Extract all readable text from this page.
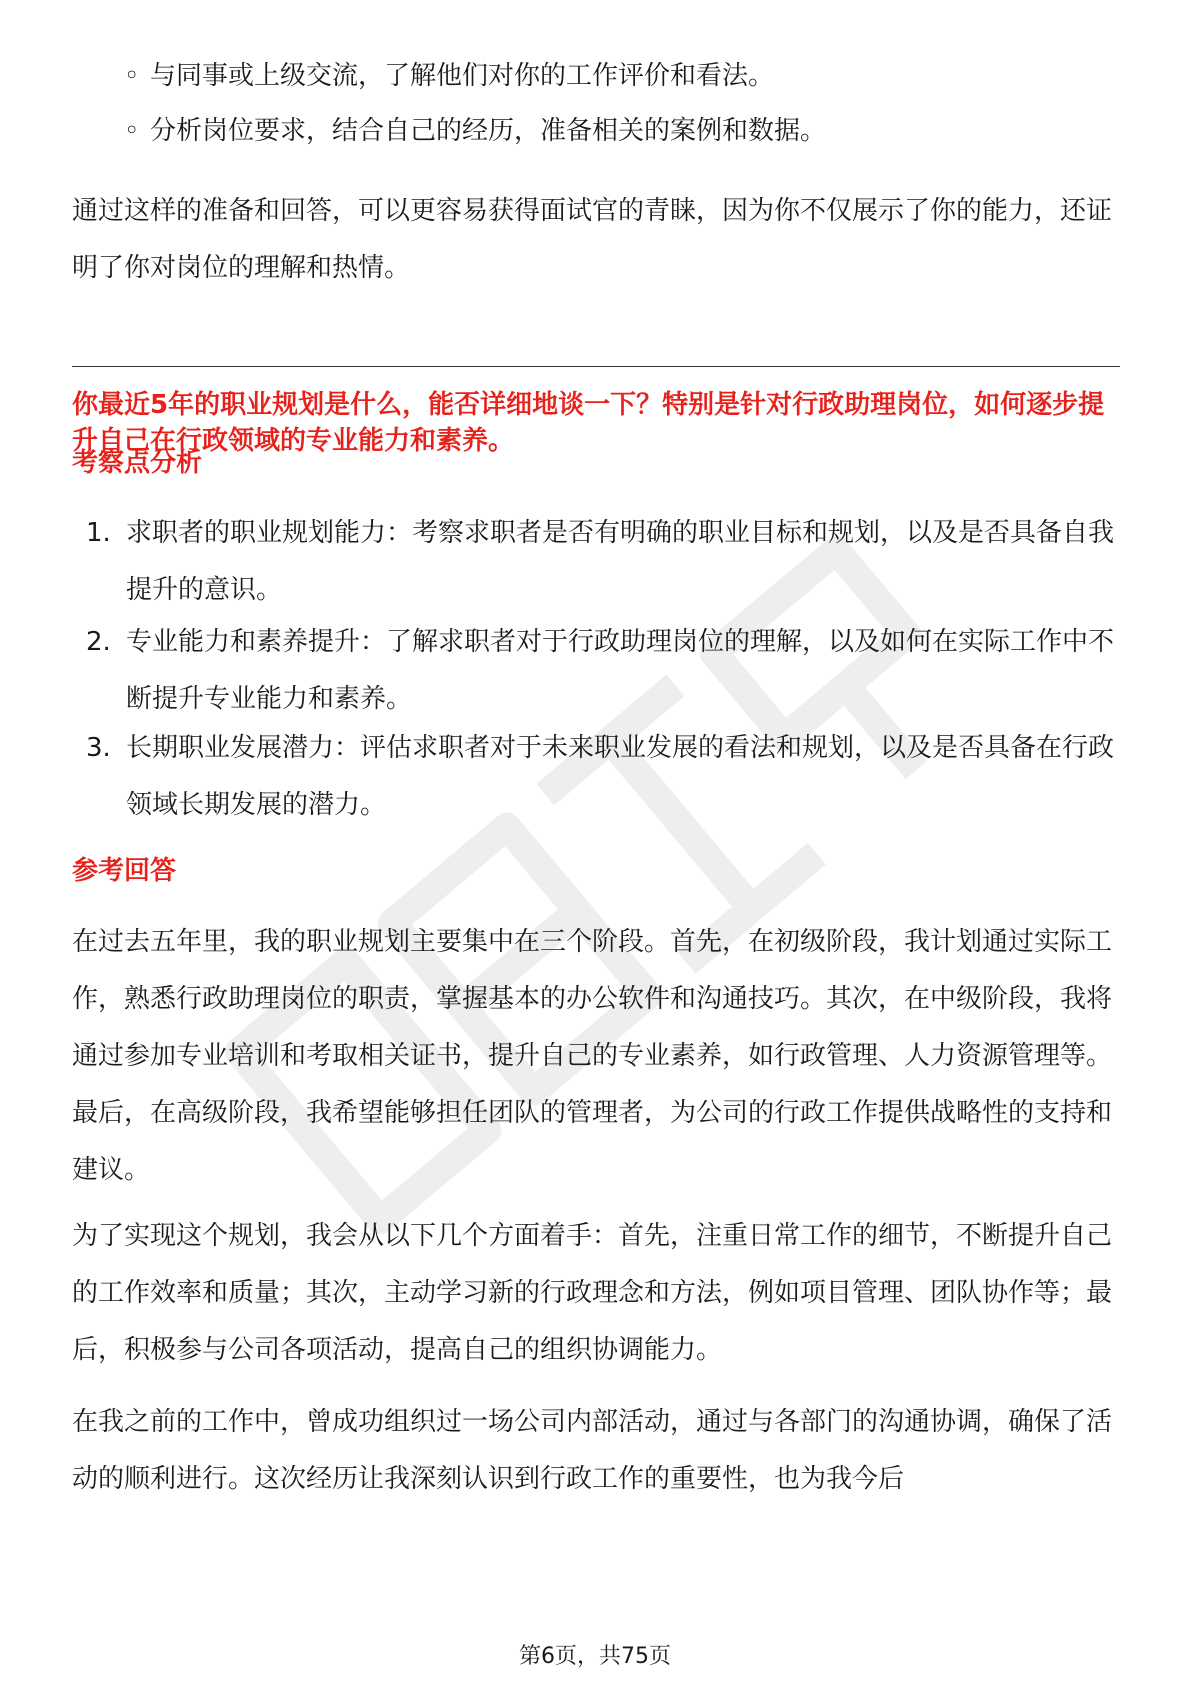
◦ 与同事或上级交流，了解他们对你的工作评价和看法。

◦ 分析岗位要求，结合自己的经历，准备相关的案例和数据。

通过这样的准备和回答，可以更容易获得面试官的青睐，因为你不仅展示了你的能力，还证明了你对岗位的理解和热情。

你最近5年的职业规划是什么，能否详细地谈一下？特别是针对行政助理岗位，如何逐步提升自己在行政领域的专业能力和素养。

考察点分析

1. 求职者的职业规划能力：考察求职者是否有明确的职业目标和规划，以及是否具备自我提升的意识。
2. 专业能力和素养提升：了解求职者对于行政助理岗位的理解，以及如何在实际工作中不断提升专业能力和素养。
3. 长期职业发展潜力：评估求职者对于未来职业发展的看法和规划，以及是否具备在行政领域长期发展的潜力。

参考回答

在过去五年里，我的职业规划主要集中在三个阶段。首先，在初级阶段，我计划通过实际工作，熟悉行政助理岗位的职责，掌握基本的办公软件和沟通技巧。其次，在中级阶段，我将通过参加专业培训和考取相关证书，提升自己的专业素养，如行政管理、人力资源管理等。最后，在高级阶段，我希望能够担任团队的管理者，为公司的行政工作提供战略性的支持和建议。

为了实现这个规划，我会从以下几个方面着手：首先，注重日常工作的细节，不断提升自己的工作效率和质量；其次，主动学习新的行政理念和方法，例如项目管理、团队协作等；最后，积极参与公司各项活动，提高自己的组织协调能力。

在我之前的工作中，曾成功组织过一场公司内部活动，通过与各部门的沟通协调，确保了活动的顺利进行。这次经历让我深刻认识到行政工作的重要性，也为我今后

第6页，共75页
